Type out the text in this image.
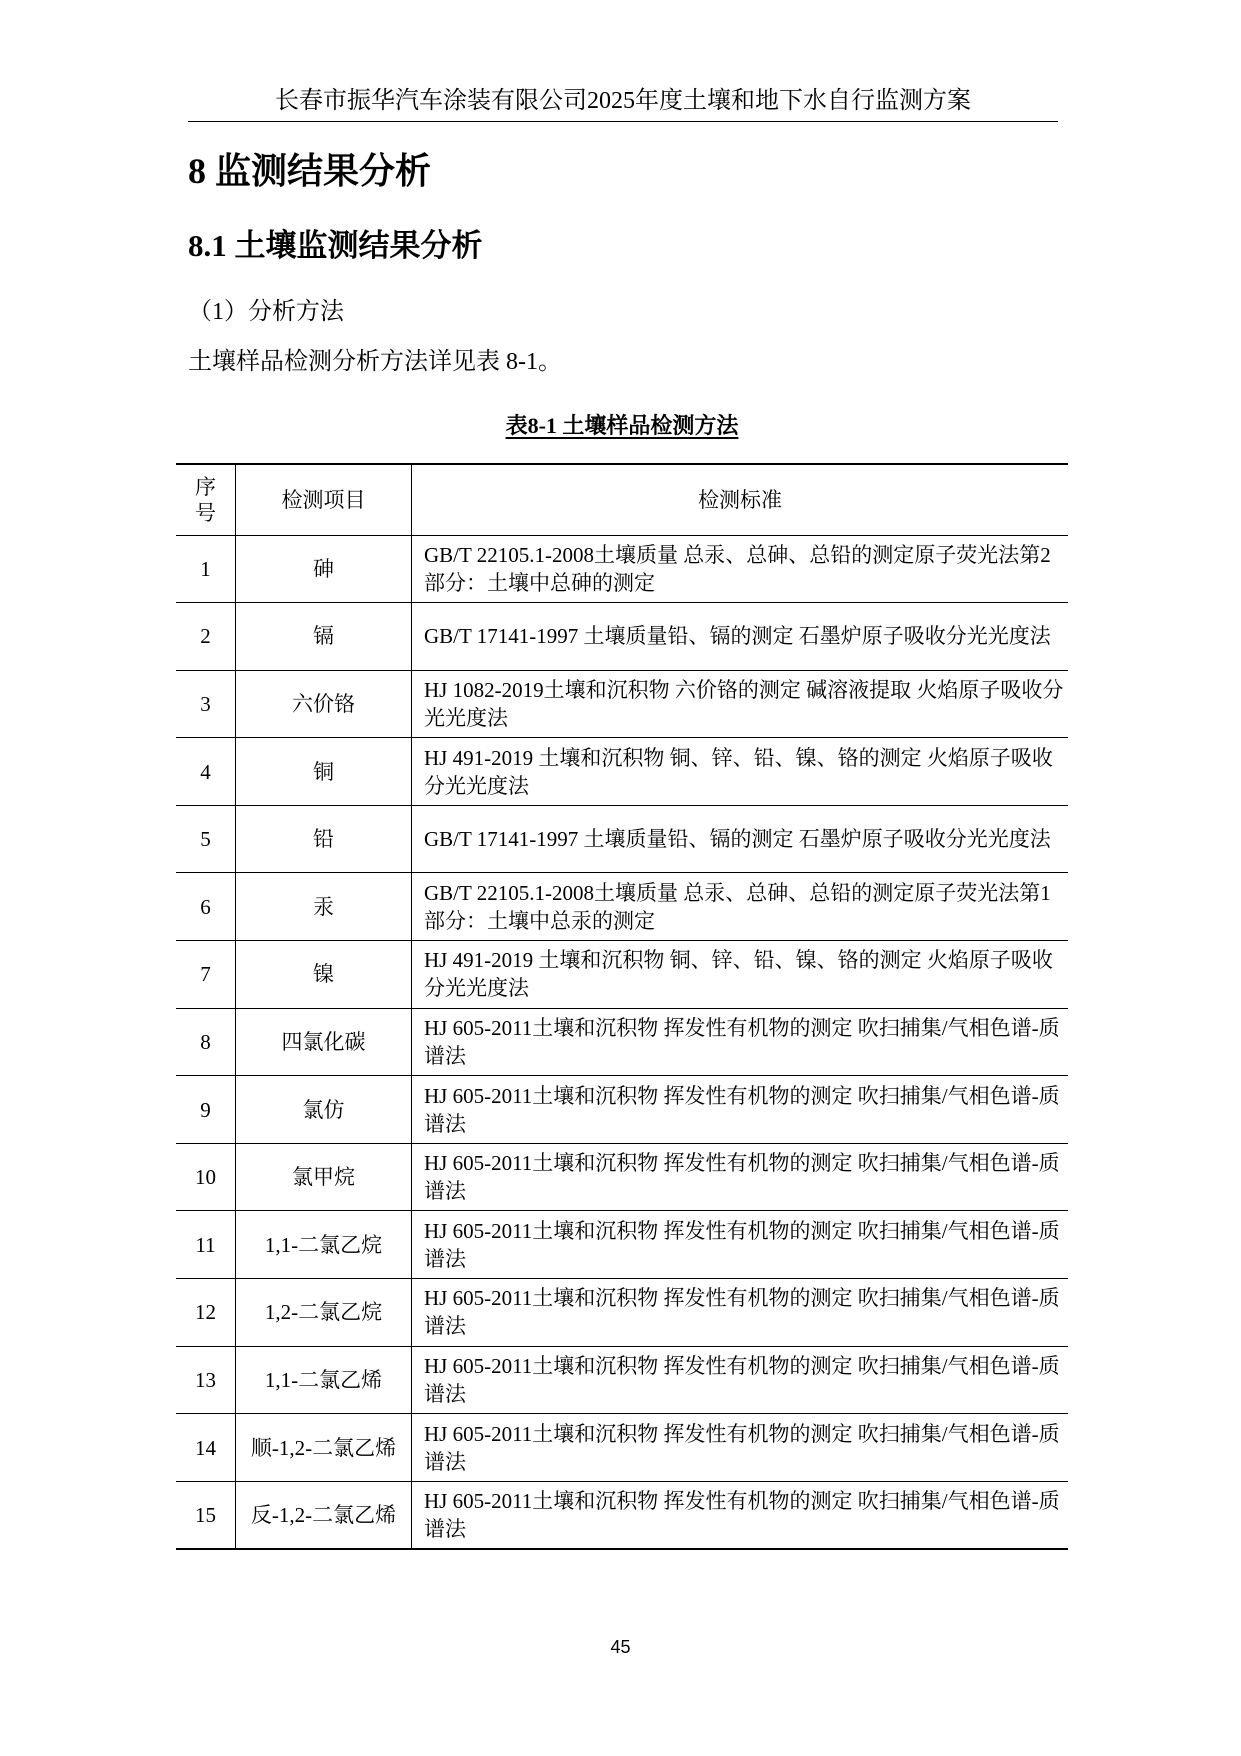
长春市振华汽车涂装有限公司2025年度土壤和地下水自行监测方案
8 监测结果分析
8.1 土壤监测结果分析
（1）分析方法
土壤样品检测分析方法详见表 8-1。
表8-1 土壤样品检测方法
序号	检测项目	检测标准
1	砷	GB/T 22105.1-2008土壤质量 总汞、总砷、总铅的测定原子荧光法第2部分：土壤中总砷的测定
2	镉	GB/T 17141-1997 土壤质量铅、镉的测定 石墨炉原子吸收分光光度法
3	六价铬	HJ 1082-2019土壤和沉积物 六价铬的测定 碱溶液提取 火焰原子吸收分光光度法
4	铜	HJ 491-2019 土壤和沉积物 铜、锌、铅、镍、铬的测定 火焰原子吸收分光光度法
5	铅	GB/T 17141-1997 土壤质量铅、镉的测定 石墨炉原子吸收分光光度法
6	汞	GB/T 22105.1-2008土壤质量 总汞、总砷、总铅的测定原子荧光法第1部分：土壤中总汞的测定
7	镍	HJ 491-2019 土壤和沉积物 铜、锌、铅、镍、铬的测定 火焰原子吸收分光光度法
8	四氯化碳	HJ 605-2011土壤和沉积物 挥发性有机物的测定 吹扫捕集/气相色谱-质谱法
9	氯仿	HJ 605-2011土壤和沉积物 挥发性有机物的测定 吹扫捕集/气相色谱-质谱法
10	氯甲烷	HJ 605-2011土壤和沉积物 挥发性有机物的测定 吹扫捕集/气相色谱-质谱法
11	1,1-二氯乙烷	HJ 605-2011土壤和沉积物 挥发性有机物的测定 吹扫捕集/气相色谱-质谱法
12	1,2-二氯乙烷	HJ 605-2011土壤和沉积物 挥发性有机物的测定 吹扫捕集/气相色谱-质谱法
13	1,1-二氯乙烯	HJ 605-2011土壤和沉积物 挥发性有机物的测定 吹扫捕集/气相色谱-质谱法
14	顺-1,2-二氯乙烯	HJ 605-2011土壤和沉积物 挥发性有机物的测定 吹扫捕集/气相色谱-质谱法
15	反-1,2-二氯乙烯	HJ 605-2011土壤和沉积物 挥发性有机物的测定 吹扫捕集/气相色谱-质谱法
45
